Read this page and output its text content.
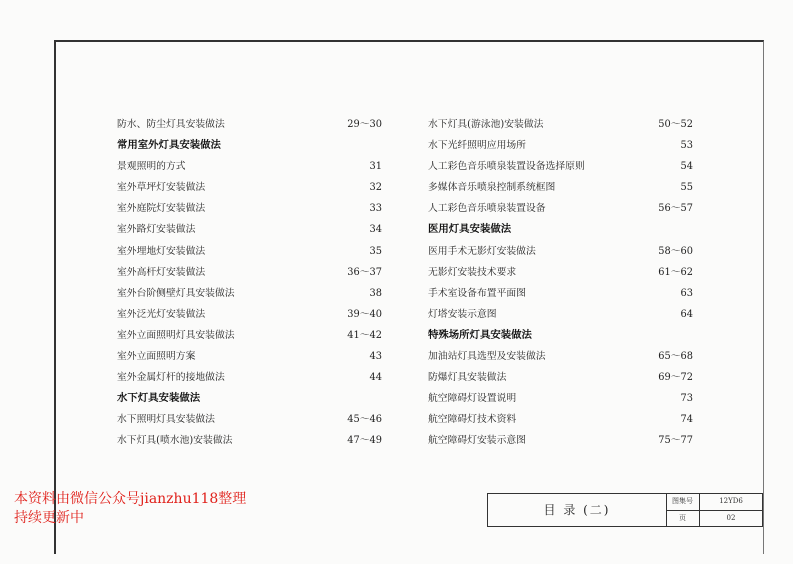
防水、防尘灯具安装做法	29～30
常用室外灯具安装做法
景观照明的方式	31
室外草坪灯安装做法	32
室外庭院灯安装做法	33
室外路灯安装做法	34
室外埋地灯安装做法	35
室外高杆灯安装做法	36～37
室外台阶侧壁灯具安装做法	38
室外泛光灯安装做法	39～40
室外立面照明灯具安装做法	41～42
室外立面照明方案	43
室外金属灯杆的接地做法	44
水下灯具安装做法
水下照明灯具安装做法	45～46
水下灯具(喷水池)安装做法	47～49
水下灯具(游泳池)安装做法	50～52
水下光纤照明应用场所	53
人工彩色音乐喷泉装置设备选择原则	54
多媒体音乐喷泉控制系统框图	55
人工彩色音乐喷泉装置设备	56～57
医用灯具安装做法
医用手术无影灯安装做法	58～60
无影灯安装技术要求	61～62
手术室设备布置平面图	63
灯塔安装示意图	64
特殊场所灯具安装做法
加油站灯具选型及安装做法	65～68
防爆灯具安装做法	69～72
航空障碍灯设置说明	73
航空障碍灯技术资料	74
航空障碍灯安装示意图	75～77
本资料由微信公众号jianzhu118整理
持续更新中	目 录 (二)
图集号	12YD6
页	02
